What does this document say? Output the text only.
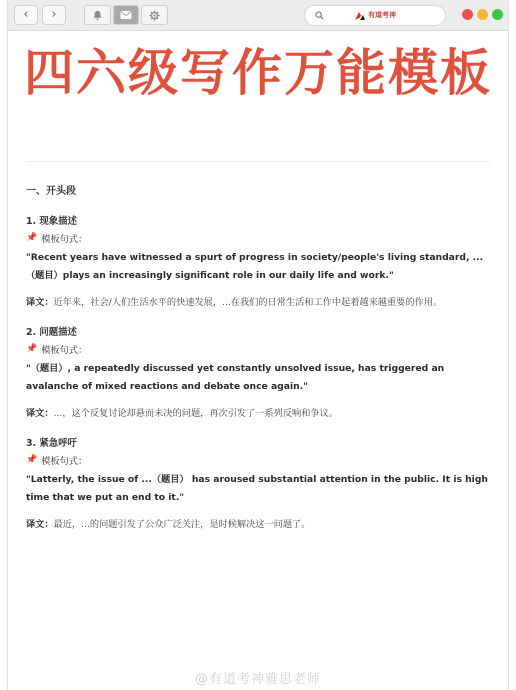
‹	›	有道考神
四六级写作万能模板
一、开头段
1. 现象描述
📌 模板句式：
"Recent years have witnessed a spurt of progress in society/people's living standard, ...（题目）plays an increasingly significant role in our daily life and work."
译文：近年来，社会/人们生活水平的快速发展，...在我们的日常生活和工作中起着越来越重要的作用。
2. 问题描述
📌 模板句式：
"（题目）, a repeatedly discussed yet constantly unsolved issue, has triggered an avalanche of mixed reactions and debate once again."
译文：...，这个反复讨论却悬而未决的问题，再次引发了一系列反响和争议。
3. 紧急呼吁
📌 模板句式：
"Latterly, the issue of ...（题目） has aroused substantial attention in the public. It is high time that we put an end to it."
译文：最近，...的问题引发了公众广泛关注，是时候解决这一问题了。
@有道考神雅思老师
